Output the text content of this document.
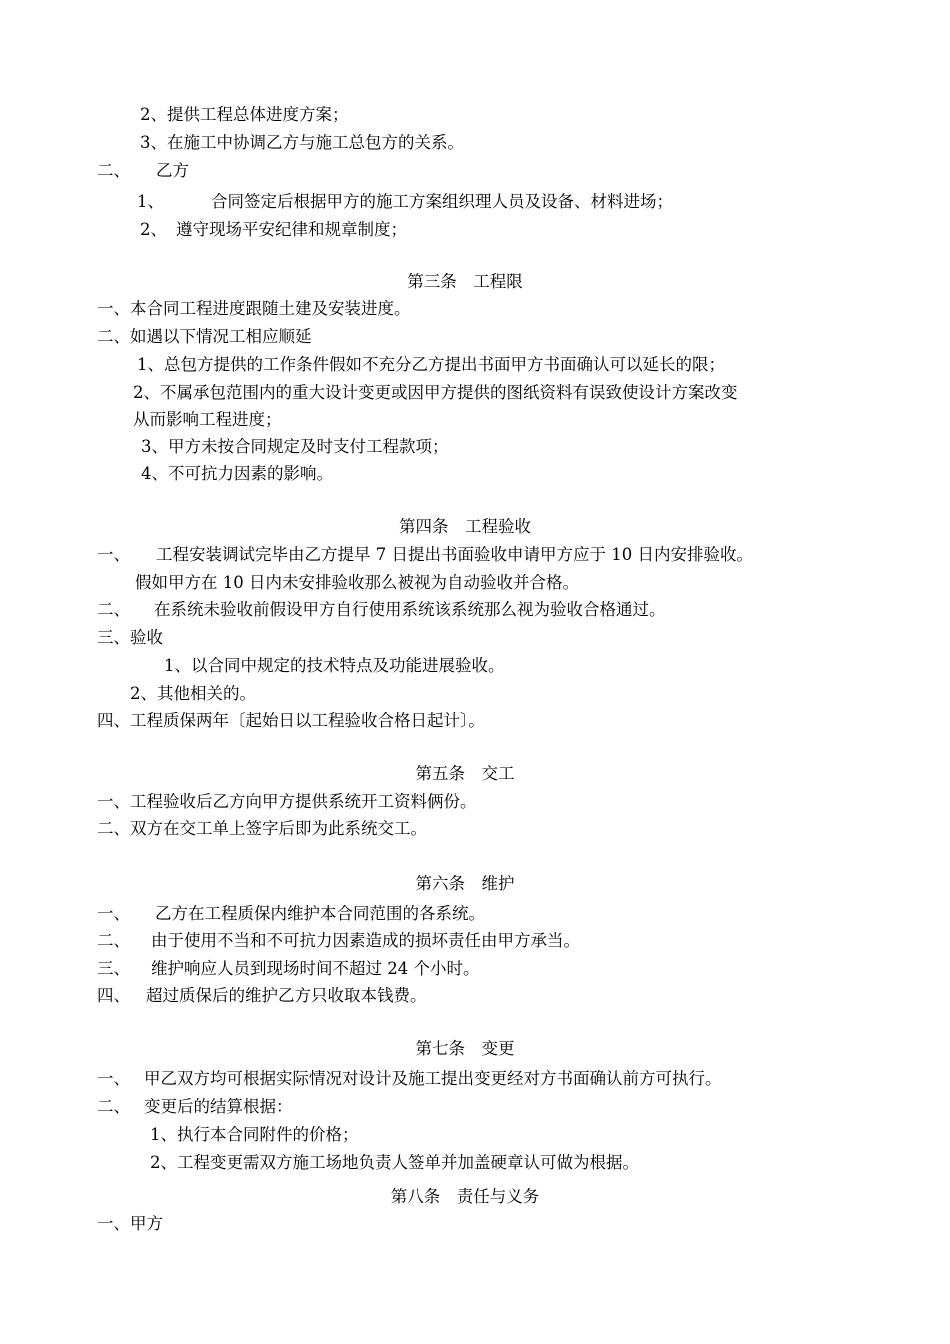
2、提供工程总体进度方案；
3、在施工中协调乙方与施工总包方的关系。
二、 乙方
1、	合同签定后根据甲方的施工方案组织理人员及设备、材料进场；
2、 遵守现场平安纪律和规章制度；
第三条　工程限
一、本合同工程进度跟随土建及安装进度。
二、如遇以下情况工相应顺延
1、总包方提供的工作条件假如不充分乙方提出书面甲方书面确认可以延长的限；
2、不属承包范围内的重大设计变更或因甲方提供的图纸资料有误致使设计方案改变
从而影响工程进度；
3、甲方未按合同规定及时支付工程款项；
4、不可抗力因素的影响。
第四条　工程验收
一、 工程安装调试完毕由乙方提早 7 日提出书面验收申请甲方应于 10 日内安排验收。
假如甲方在 10 日内未安排验收那么被视为自动验收并合格。
二、 在系统未验收前假设甲方自行使用系统该系统那么视为验收合格通过。
三、验收
1、以合同中规定的技术特点及功能进展验收。
2、其他相关的。
四、工程质保两年〔起始日以工程验收合格日起计〕。
第五条　交工
一、工程验收后乙方向甲方提供系统开工资料俩份。
二、双方在交工单上签字后即为此系统交工。
第六条　维护
一、 乙方在工程质保内维护本合同范围的各系统。
二、 由于使用不当和不可抗力因素造成的损坏责任由甲方承当。
三、 维护响应人员到现场时间不超过 24 个小时。
四、 超过质保后的维护乙方只收取本钱费。
第七条　变更
一、 甲乙双方均可根据实际情况对设计及施工提出变更经对方书面确认前方可执行。
二、 变更后的结算根据：
1、执行本合同附件的价格；
2、工程变更需双方施工场地负责人签单并加盖硬章认可做为根据。
第八条　责任与义务
一、甲方
